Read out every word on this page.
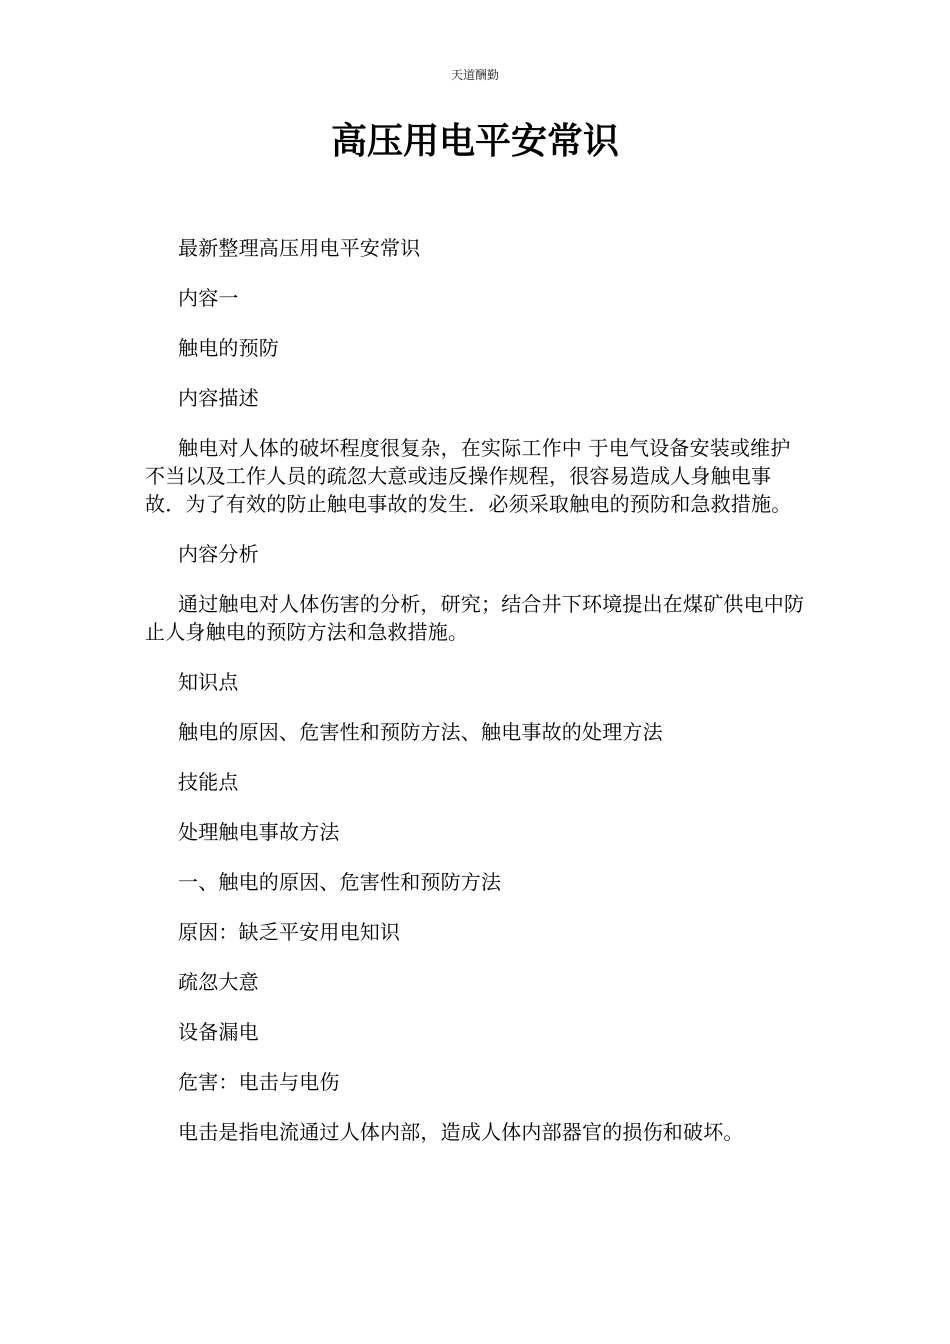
天道酬勤
高压用电平安常识

最新整理高压用电平安常识

内容一

触电的预防

内容描述

触电对人体的破坏程度很复杂，在实际工作中 于电气设备安装或维护不当以及工作人员的疏忽大意或违反操作规程，很容易造成人身触电事故．为了有效的防止触电事故的发生．必须采取触电的预防和急救措施。

内容分析

通过触电对人体伤害的分析，研究；结合井下环境提出在煤矿供电中防止人身触电的预防方法和急救措施。

知识点

触电的原因、危害性和预防方法、触电事故的处理方法

技能点

处理触电事故方法

一、触电的原因、危害性和预防方法

原因：缺乏平安用电知识

疏忽大意

设备漏电

危害：电击与电伤

电击是指电流通过人体内部，造成人体内部器官的损伤和破坏。
